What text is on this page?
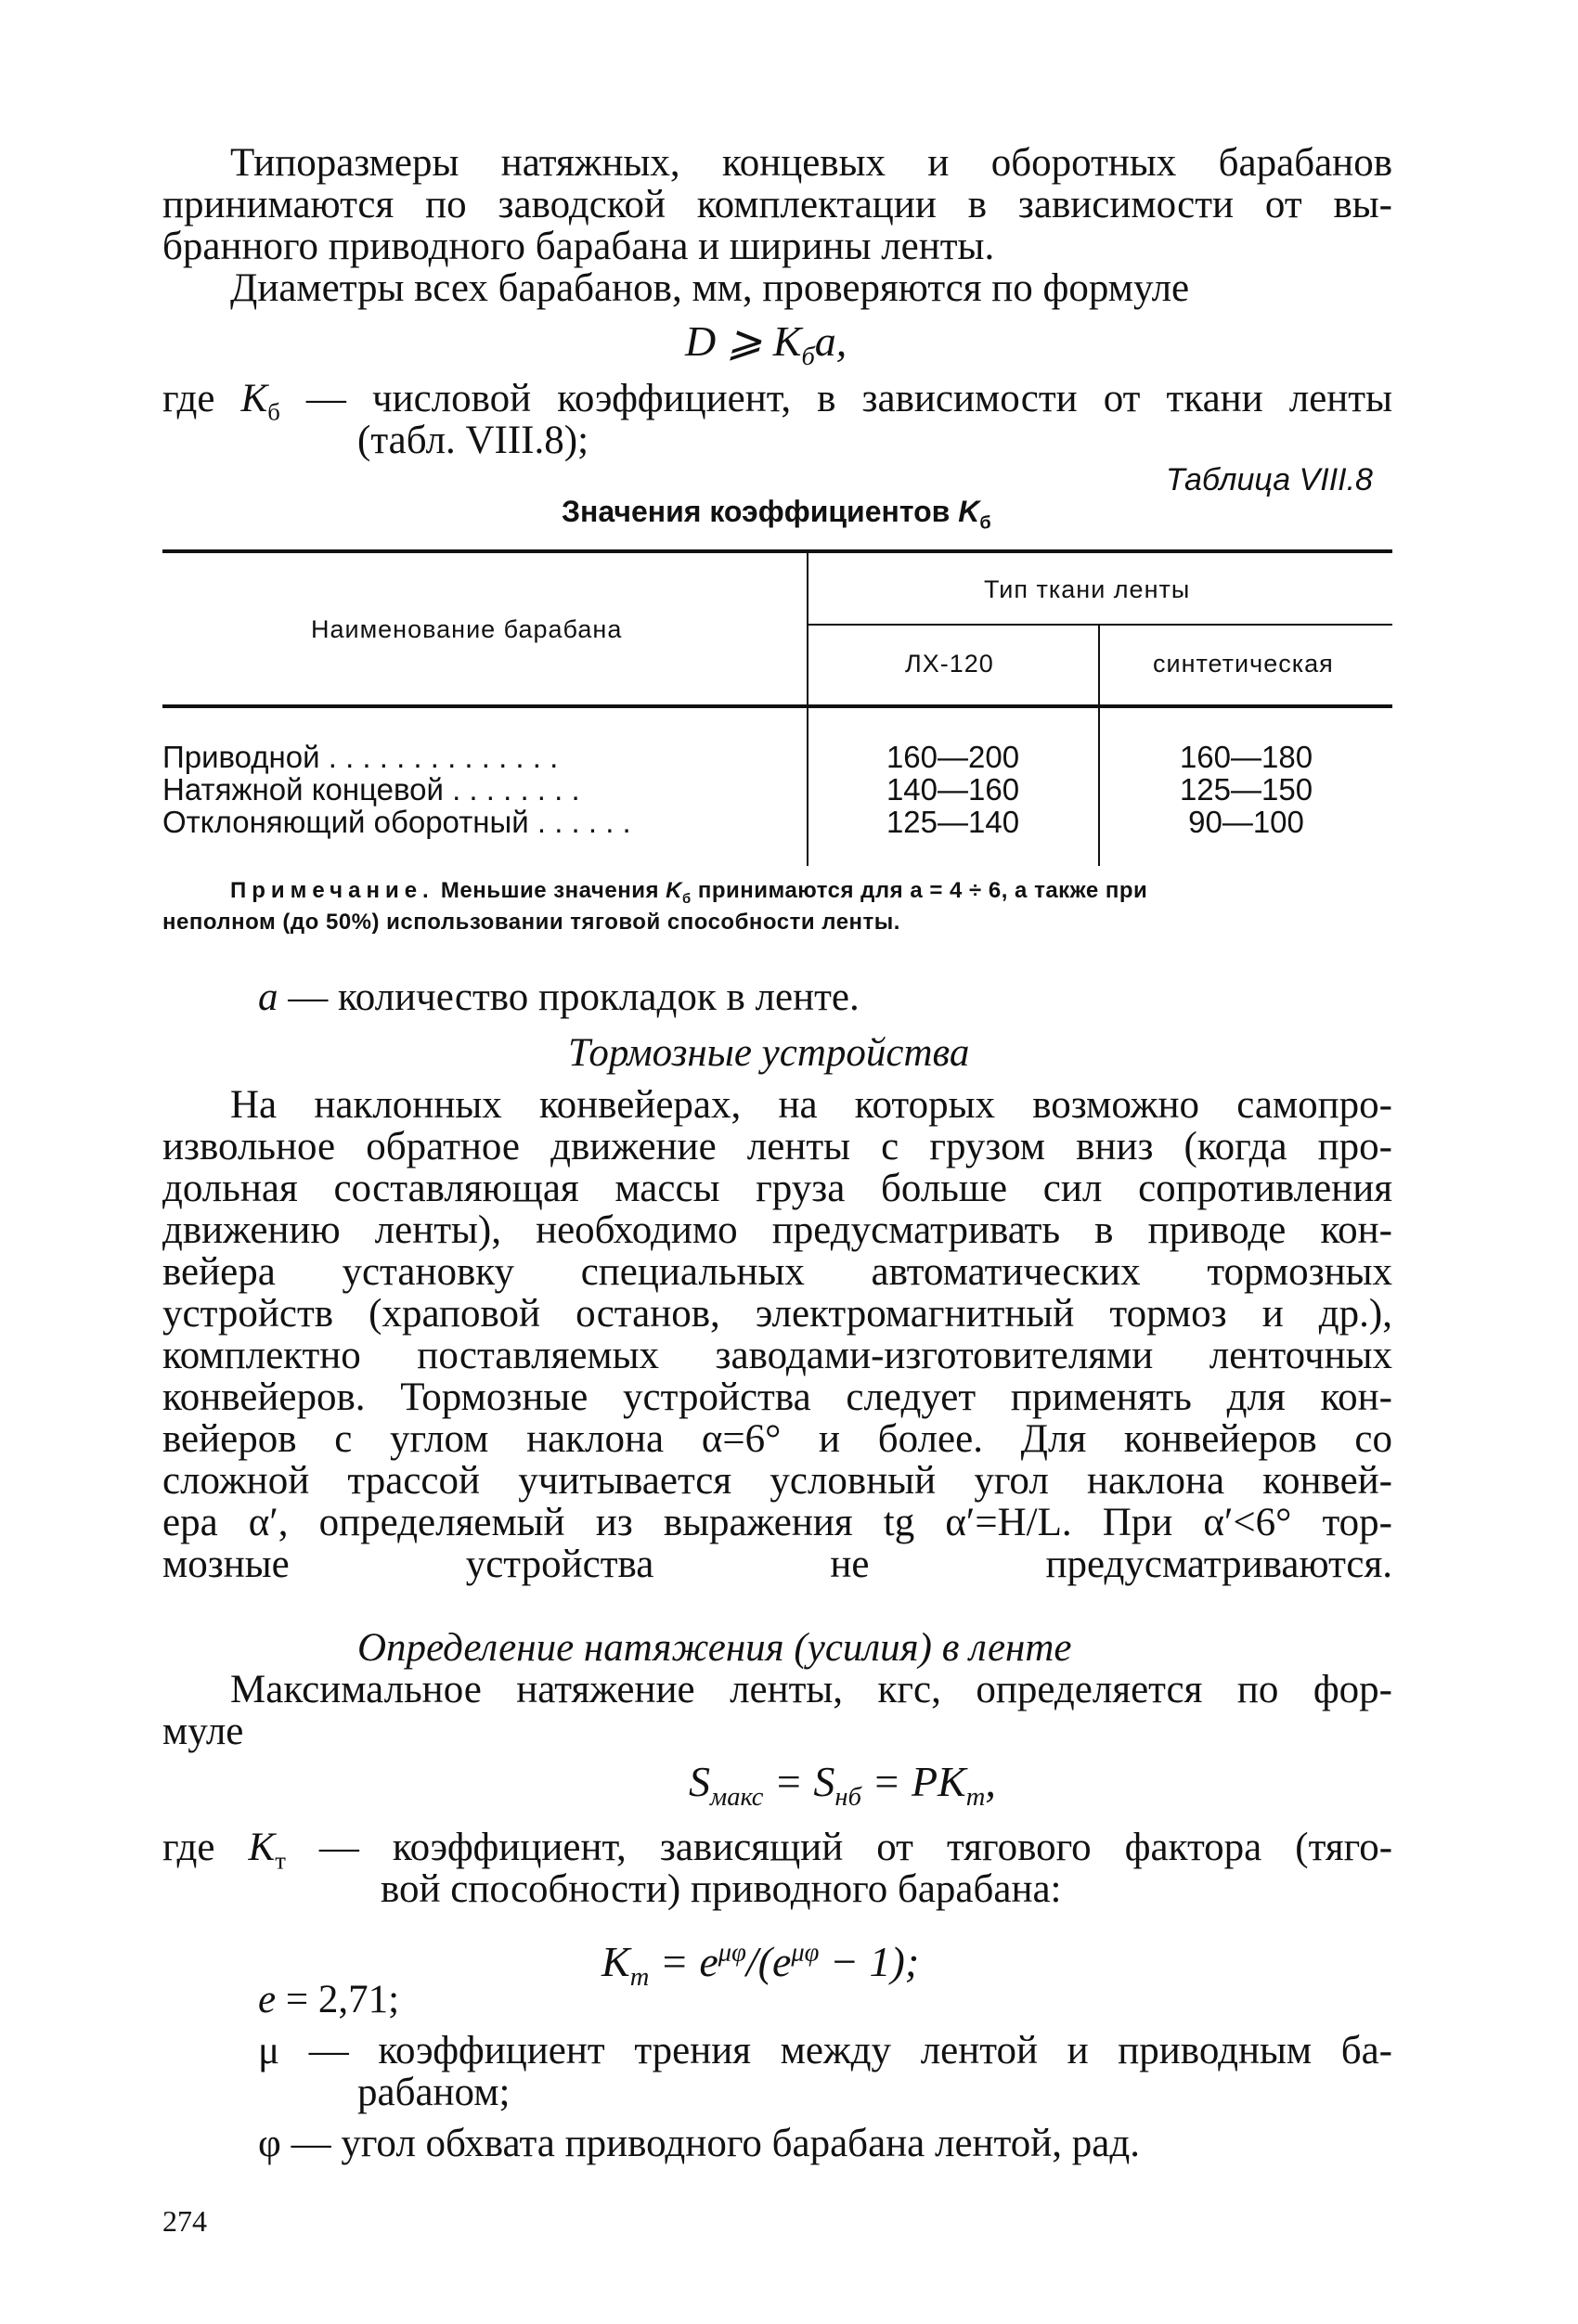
Типоразмеры натяжных, концевых и оборотных барабанов
принимаются по заводской комплектации в зависимости от вы-
бранного приводного барабана и ширины ленты.
Диаметры всех барабанов, мм, проверяются по формуле
D ⩾ $K_бa$,
где $K_б$ — числовой коэффициент, в зависимости от ткани ленты
(табл. VIII.8);
Таблица VIII.8
Значения коэффициентов $K_б$
Наименование барабана
Тип ткани ленты
ЛХ-120	синтетическая
Приводной . . . . . . . . . . . . . .	160—200	160—180
Натяжной концевой . . . . . . . .	140—160	125—150
Отклоняющий оборотный . . . . . .	125—140	90—100
Примечание. Меньшие значения $K_б$ принимаются для a = 4 ÷ 6, а также при
неполном (до 50%) использовании тяговой способности ленты.
a — количество прокладок в ленте.
Тормозные устройства
На наклонных конвейерах, на которых возможно самопро-
извольное обратное движение ленты с грузом вниз (когда про-
дольная составляющая массы груза больше сил сопротивления
движению ленты), необходимо предусматривать в приводе кон-
вейера установку специальных автоматических тормозных
устройств (храповой останов, электромагнитный тормоз и др.),
комплектно поставляемых заводами-изготовителями ленточных
конвейеров. Тормозные устройства следует применять для кон-
вейеров с углом наклона α=6° и более. Для конвейеров со
сложной трассой учитывается условный угол наклона конвей-
ера α′, определяемый из выражения tg α′=H/L. При α′<6° тор-
мозные устройства не предусматриваются.
Определение натяжения (усилия) в ленте
Максимальное натяжение ленты, кгс, определяется по фор-
муле
$S_{макс} = S_{нб} = PK_т$,
где $K_т$ — коэффициент, зависящий от тягового фактора (тяго-
вой способности) приводного барабана:
$K_т = e^{\mu\varphi}/(e^{\mu\varphi} - 1)$;
e = 2,71;
μ — коэффициент трения между лентой и приводным ба-
рабаном;
φ — угол обхвата приводного барабана лентой, рад.
274
